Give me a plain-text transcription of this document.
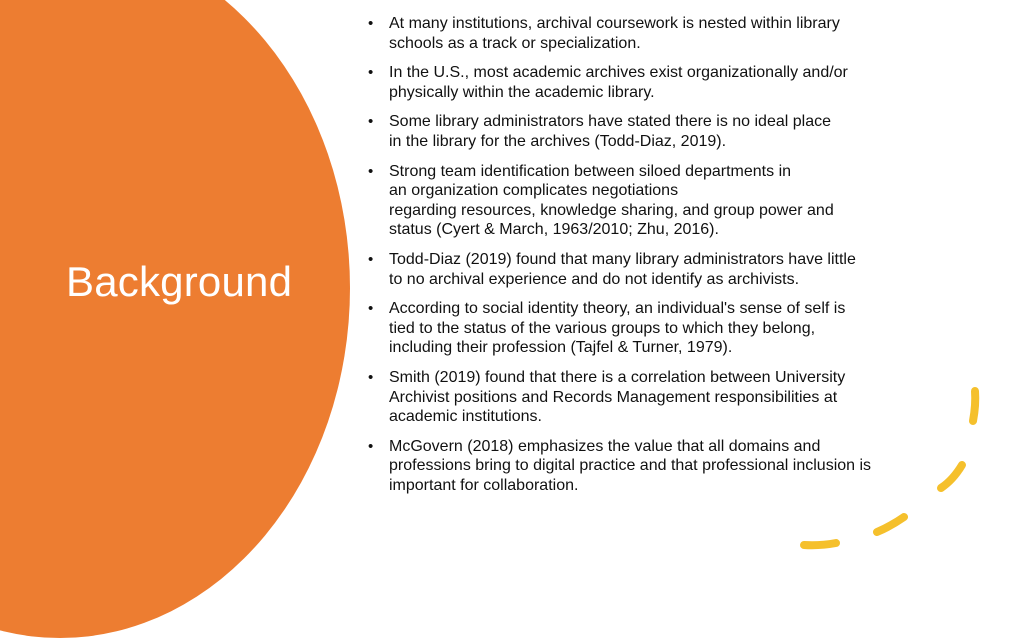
Background
• At many institutions, archival coursework is nested within library
schools as a track or specialization.
• In the U.S., most academic archives exist organizationally and/or
physically within the academic library.
• Some library administrators have stated there is no ideal place
in the library for the archives (Todd-Diaz, 2019).
• Strong team identification between siloed departments in
an organization complicates negotiations
regarding resources, knowledge sharing, and group power and
status (Cyert & March, 1963/2010; Zhu, 2016).
• Todd-Diaz (2019) found that many library administrators have little
to no archival experience and do not identify as archivists.
• According to social identity theory, an individual's sense of self is
tied to the status of the various groups to which they belong,
including their profession (Tajfel & Turner, 1979).
• Smith (2019) found that there is a correlation between University
Archivist positions and Records Management responsibilities at
academic institutions.
• McGovern (2018) emphasizes the value that all domains and
professions bring to digital practice and that professional inclusion is
important for collaboration.
